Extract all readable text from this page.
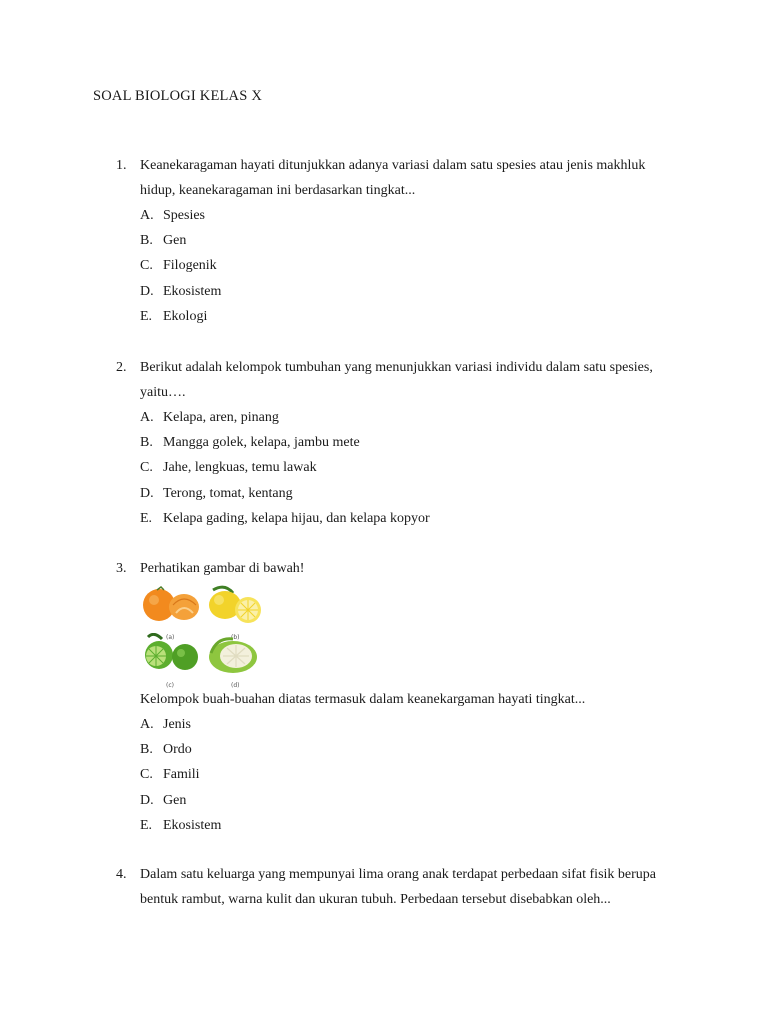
SOAL BIOLOGI KELAS X
1. Keanekaragaman hayati ditunjukkan adanya variasi dalam satu spesies atau jenis makhluk hidup, keanekaragaman ini berdasarkan tingkat...
A. Spesies
B. Gen
C. Filogenik
D. Ekosistem
E. Ekologi
2. Berikut adalah kelompok tumbuhan yang menunjukkan variasi individu dalam satu spesies, yaitu….
A. Kelapa, aren, pinang
B. Mangga golek, kelapa, jambu mete
C. Jahe, lengkuas, temu lawak
D. Terong, tomat, kentang
E. Kelapa gading, kelapa hijau, dan kelapa kopyor
3. Perhatikan gambar di bawah!
(a)	(b)
(c)	(d)
Kelompok buah-buahan diatas termasuk dalam keanekargaman hayati tingkat...
A. Jenis
B. Ordo
C. Famili
D. Gen
E. Ekosistem
4. Dalam satu keluarga yang mempunyai lima orang anak terdapat perbedaan sifat fisik berupa bentuk rambut, warna kulit dan ukuran tubuh. Perbedaan tersebut disebabkan oleh...
